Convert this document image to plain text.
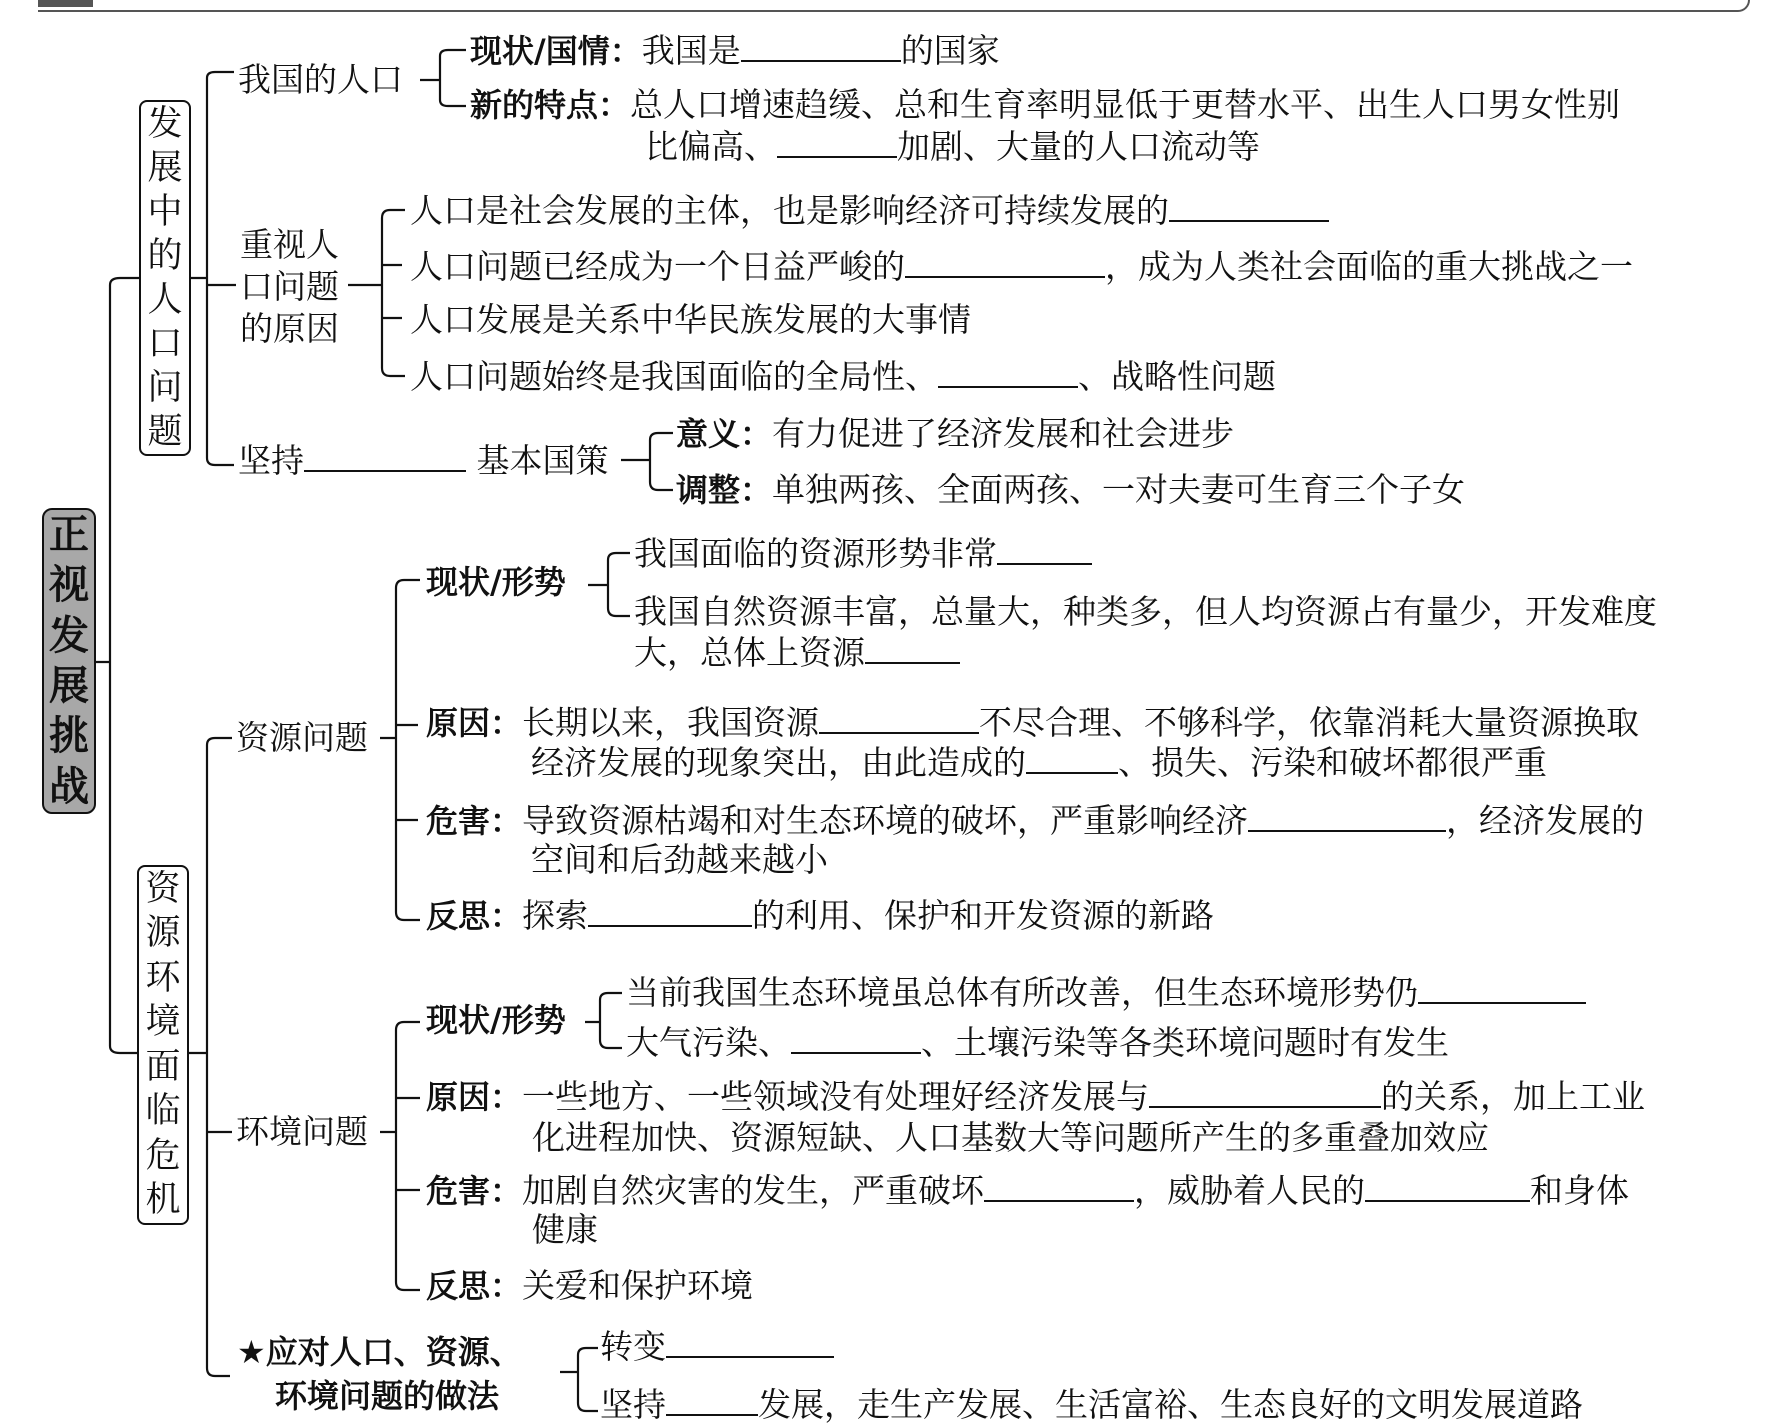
正
视
发
展
挑
战
发
展
中
的
人
口
问
题
资
源
环
境
面
临
危
机
我国的人口
现状/国情：我国是	的国家
新的特点：总人口增速趋缓、总和生育率明显低于更替水平、出生人口男女性别
比偏高、	加剧、大量的人口流动等
重视人
口问题
的原因
人口是社会发展的主体，也是影响经济可持续发展的
人口问题已经成为一个日益严峻的	，成为人类社会面临的重大挑战之一
人口发展是关系中华民族发展的大事情
人口问题始终是我国面临的全局性、	、战略性问题
坚持	基本国策
意义：有力促进了经济发展和社会进步
调整：单独两孩、全面两孩、一对夫妻可生育三个子女
资源问题
现状/形势
我国面临的资源形势非常
我国自然资源丰富，总量大，种类多，但人均资源占有量少，开发难度
大，总体上资源
原因：长期以来，我国资源	不尽合理、不够科学，依靠消耗大量资源换取
经济发展的现象突出，由此造成的	、损失、污染和破坏都很严重
危害：导致资源枯竭和对生态环境的破坏，严重影响经济	，经济发展的
空间和后劲越来越小
反思：探索	的利用、保护和开发资源的新路
环境问题
现状/形势
当前我国生态环境虽总体有所改善，但生态环境形势仍
大气污染、	、土壤污染等各类环境问题时有发生
原因：一些地方、一些领域没有处理好经济发展与	的关系，加上工业
化进程加快、资源短缺、人口基数大等问题所产生的多重叠加效应
危害：加剧自然灾害的发生，严重破坏	，威胁着人民的	和身体
健康
反思：关爱和保护环境
★应对人口、资源、
环境问题的做法
转变
坚持	发展，走生产发展、生活富裕、生态良好的文明发展道路
